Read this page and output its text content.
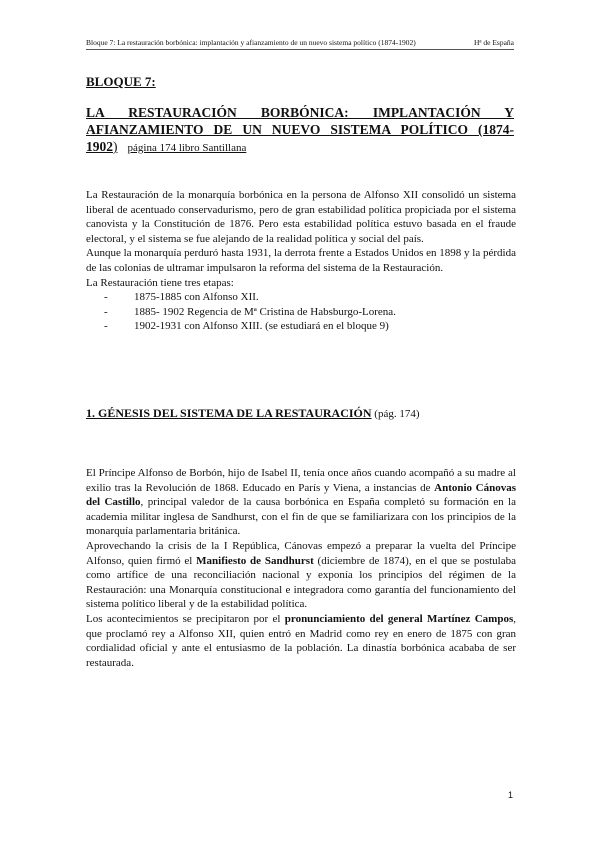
Bloque 7: La restauración borbónica: implantación y afianzamiento de un nuevo sistema político (1874-1902)	Hª de España
BLOQUE 7:
LA RESTAURACIÓN BORBÓNICA: IMPLANTACIÓN Y
AFIANZAMIENTO DE UN NUEVO SISTEMA POLÍTICO (1874-
1902) página 174 libro Santillana

La Restauración de la monarquía borbónica en la persona de Alfonso XII consolidó un sistema liberal de acentuado conservadurismo, pero de gran estabilidad política propiciada por el sistema canovista y la Constitución de 1876. Pero esta estabilidad política estuvo basada en el fraude electoral, y el sistema se fue alejando de la realidad política y social del país.

Aunque la monarquía perduró hasta 1931, la derrota frente a Estados Unidos en 1898 y la pérdida de las colonias de ultramar impulsaron la reforma del sistema de la Restauración.

La Restauración tiene tres etapas:

-	1875-1885 con Alfonso XII.
-	1885- 1902 Regencia de Mª Cristina de Habsburgo-Lorena.
-	1902-1931 con Alfonso XIII. (se estudiará en el bloque 9)
1. GÉNESIS DEL SISTEMA DE LA RESTAURACIÓN (pág. 174)

El Príncipe Alfonso de Borbón, hijo de Isabel II, tenía once años cuando acompañó a su madre al exilio tras la Revolución de 1868. Educado en París y Viena, a instancias de Antonio Cánovas del Castillo, principal valedor de la causa borbónica en España completó su formación en la academia militar inglesa de Sandhurst, con el fin de que se familiarizara con los principios de la monarquía parlamentaria británica.

Aprovechando la crisis de la I República, Cánovas empezó a preparar la vuelta del Príncipe Alfonso, quien firmó el Manifiesto de Sandhurst (diciembre de 1874), en el que se postulaba como artífice de una reconciliación nacional y exponía los principios del régimen de la Restauración: una Monarquía constitucional e integradora como garantía del funcionamiento del sistema político liberal y de la estabilidad política.

Los acontecimientos se precipitaron por el pronunciamiento del general Martínez Campos, que proclamó rey a Alfonso XII, quien entró en Madrid como rey en enero de 1875 con gran cordialidad oficial y ante el entusiasmo de la población. La dinastía borbónica acababa de ser restaurada.

1
